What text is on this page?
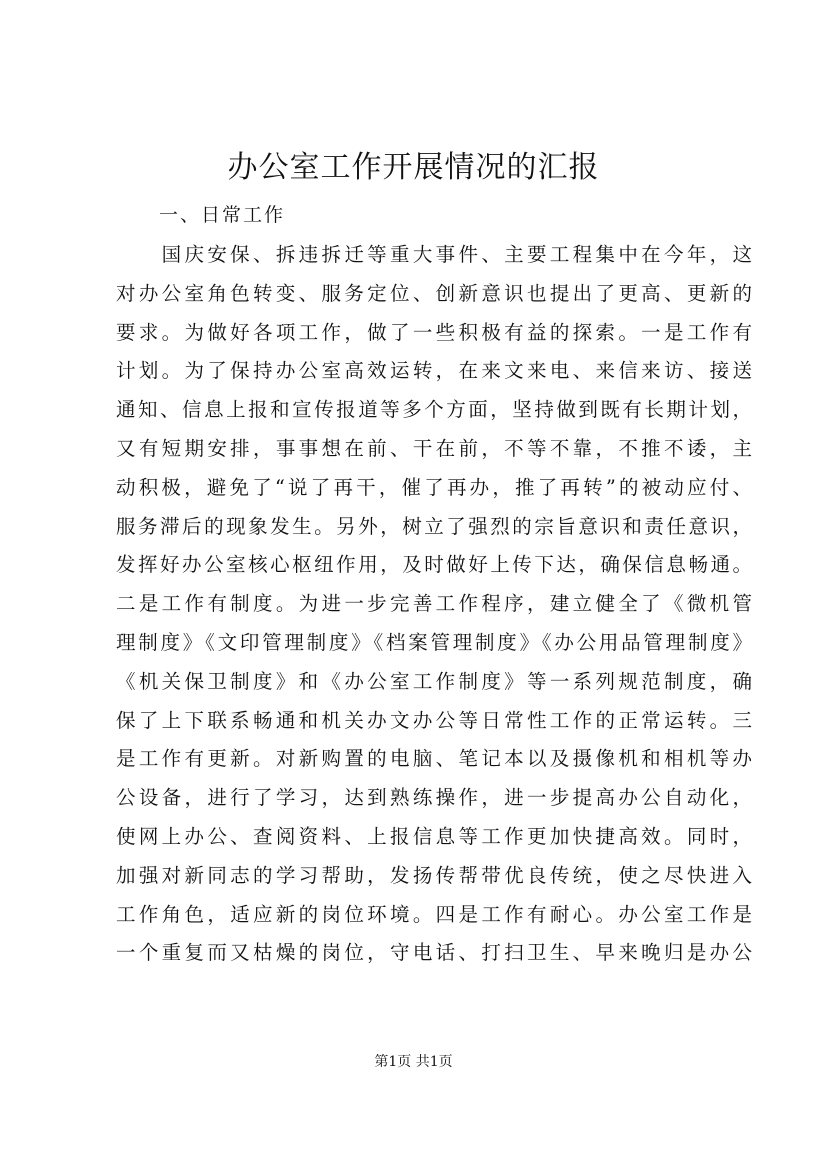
办公室工作开展情况的汇报

一、日常工作

　　国庆安保、拆违拆迁等重大事件、主要工程集中在今年，这
对办公室角色转变、服务定位、创新意识也提出了更高、更新的
要求。为做好各项工作，做了一些积极有益的探索。一是工作有
计划。为了保持办公室高效运转，在来文来电、来信来访、接送
通知、信息上报和宣传报道等多个方面，坚持做到既有长期计划，
又有短期安排，事事想在前、干在前，不等不靠，不推不诿，主
动积极，避免了“说了再干，催了再办，推了再转”的被动应付、
服务滞后的现象发生。另外，树立了强烈的宗旨意识和责任意识，
发挥好办公室核心枢纽作用，及时做好上传下达，确保信息畅通。
二是工作有制度。为进一步完善工作程序，建立健全了《微机管
理制度》《文印管理制度》《档案管理制度》《办公用品管理制度》
《机关保卫制度》和《办公室工作制度》等一系列规范制度，确
保了上下联系畅通和机关办文办公等日常性工作的正常运转。三
是工作有更新。对新购置的电脑、笔记本以及摄像机和相机等办
公设备，进行了学习，达到熟练操作，进一步提高办公自动化，
使网上办公、查阅资料、上报信息等工作更加快捷高效。同时，
加强对新同志的学习帮助，发扬传帮带优良传统，使之尽快进入
工作角色，适应新的岗位环境。四是工作有耐心。办公室工作是
一个重复而又枯燥的岗位，守电话、打扫卫生、早来晚归是办公
第1页 共1页
